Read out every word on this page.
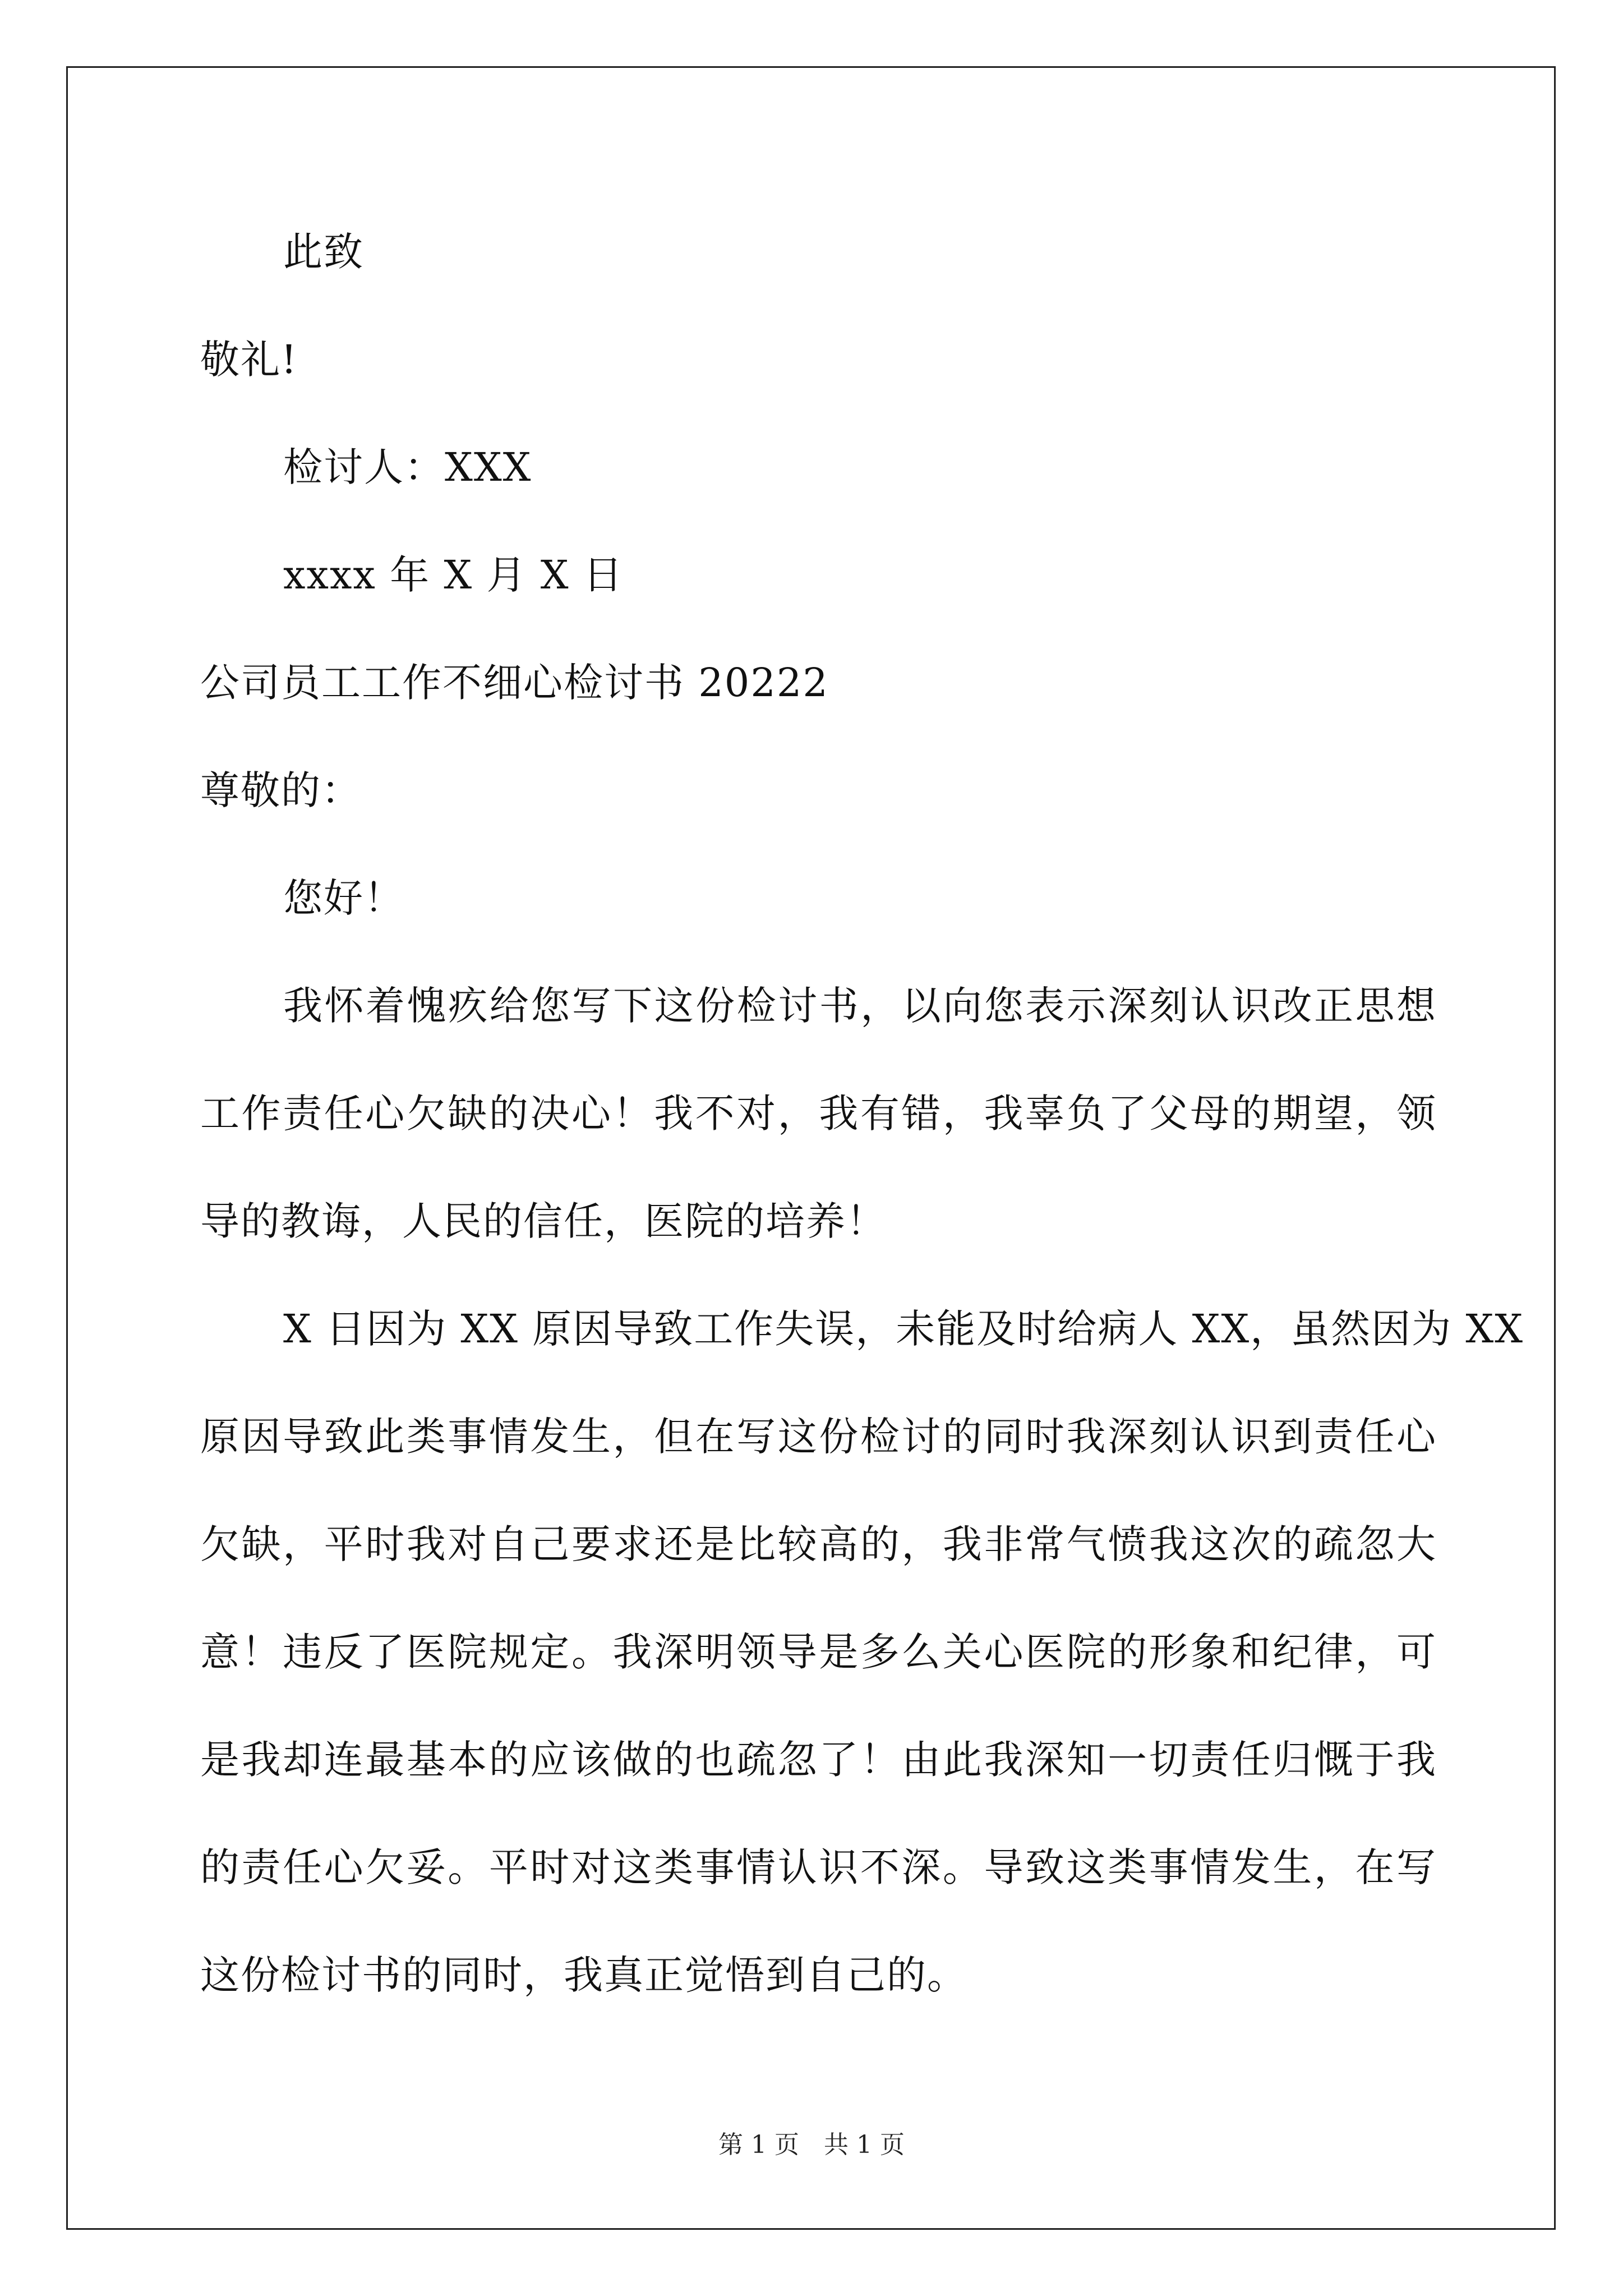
此致
敬礼!
检讨人：XXX
xxxx 年 X 月 X 日
公司员工工作不细心检讨书 20222
尊敬的：
您好！
我怀着愧疚给您写下这份检讨书，以向您表示深刻认识改正思想
工作责任心欠缺的决心！我不对，我有错，我辜负了父母的期望，领
导的教诲，人民的信任，医院的培养！
X 日因为 XX 原因导致工作失误，未能及时给病人 XX，虽然因为 XX
原因导致此类事情发生，但在写这份检讨的同时我深刻认识到责任心
欠缺，平时我对自己要求还是比较高的，我非常气愤我这次的疏忽大
意！违反了医院规定。我深明领导是多么关心医院的形象和纪律，可
是我却连最基本的应该做的也疏忽了！由此我深知一切责任归慨于我
的责任心欠妥。平时对这类事情认识不深。导致这类事情发生，在写
这份检讨书的同时，我真正觉悟到自己的。
第 1 页　共 1 页
